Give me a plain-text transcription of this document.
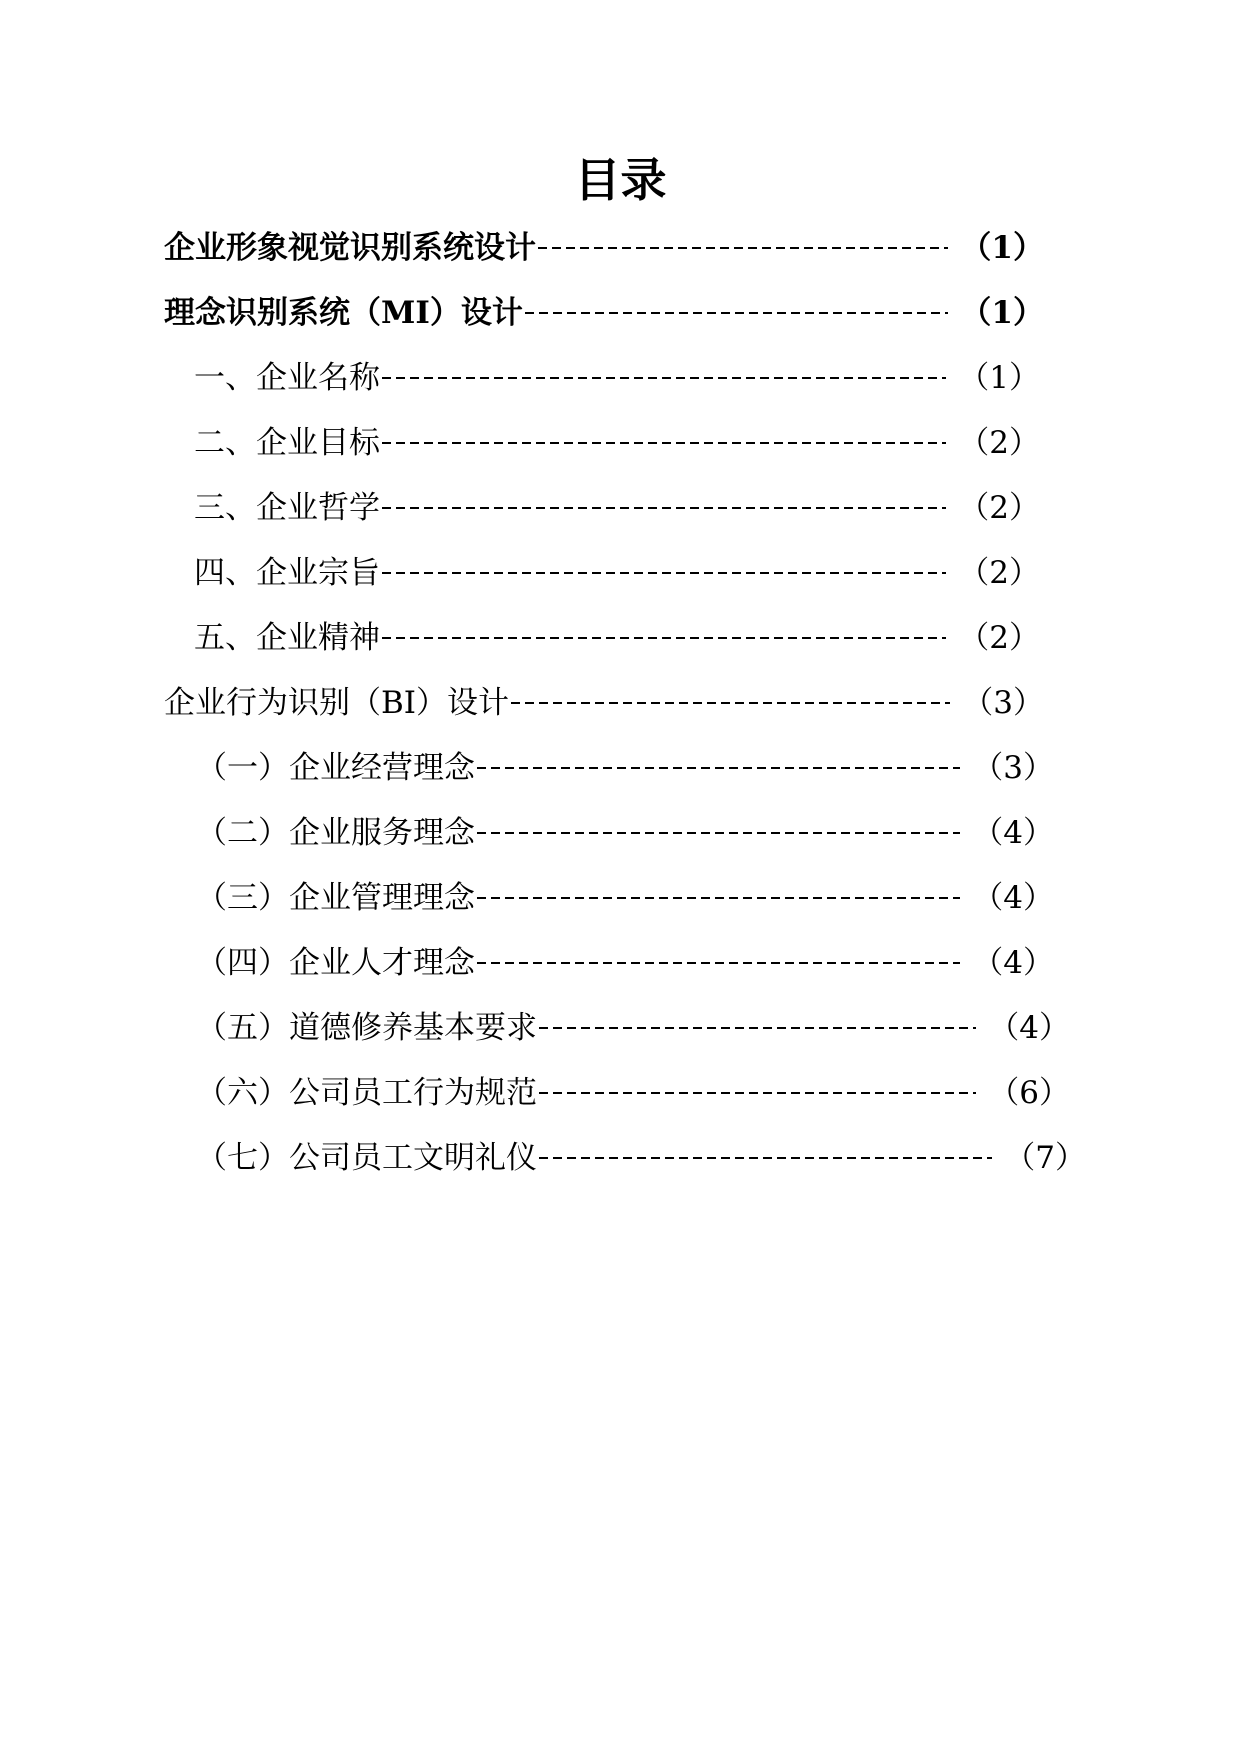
目录
企业形象视觉识别系统设计	（1）
理念识别系统（MI）设计	（1）
一、企业名称	（1）
二、企业目标	（2）
三、企业哲学	（2）
四、企业宗旨	（2）
五、企业精神	（2）
企业行为识别（BI）设计	（3）
（一）企业经营理念	（3）
（二）企业服务理念	（4）
（三）企业管理理念	（4）
（四）企业人才理念	（4）
（五）道德修养基本要求	（4）
（六）公司员工行为规范	（6）
（七）公司员工文明礼仪	（7）
